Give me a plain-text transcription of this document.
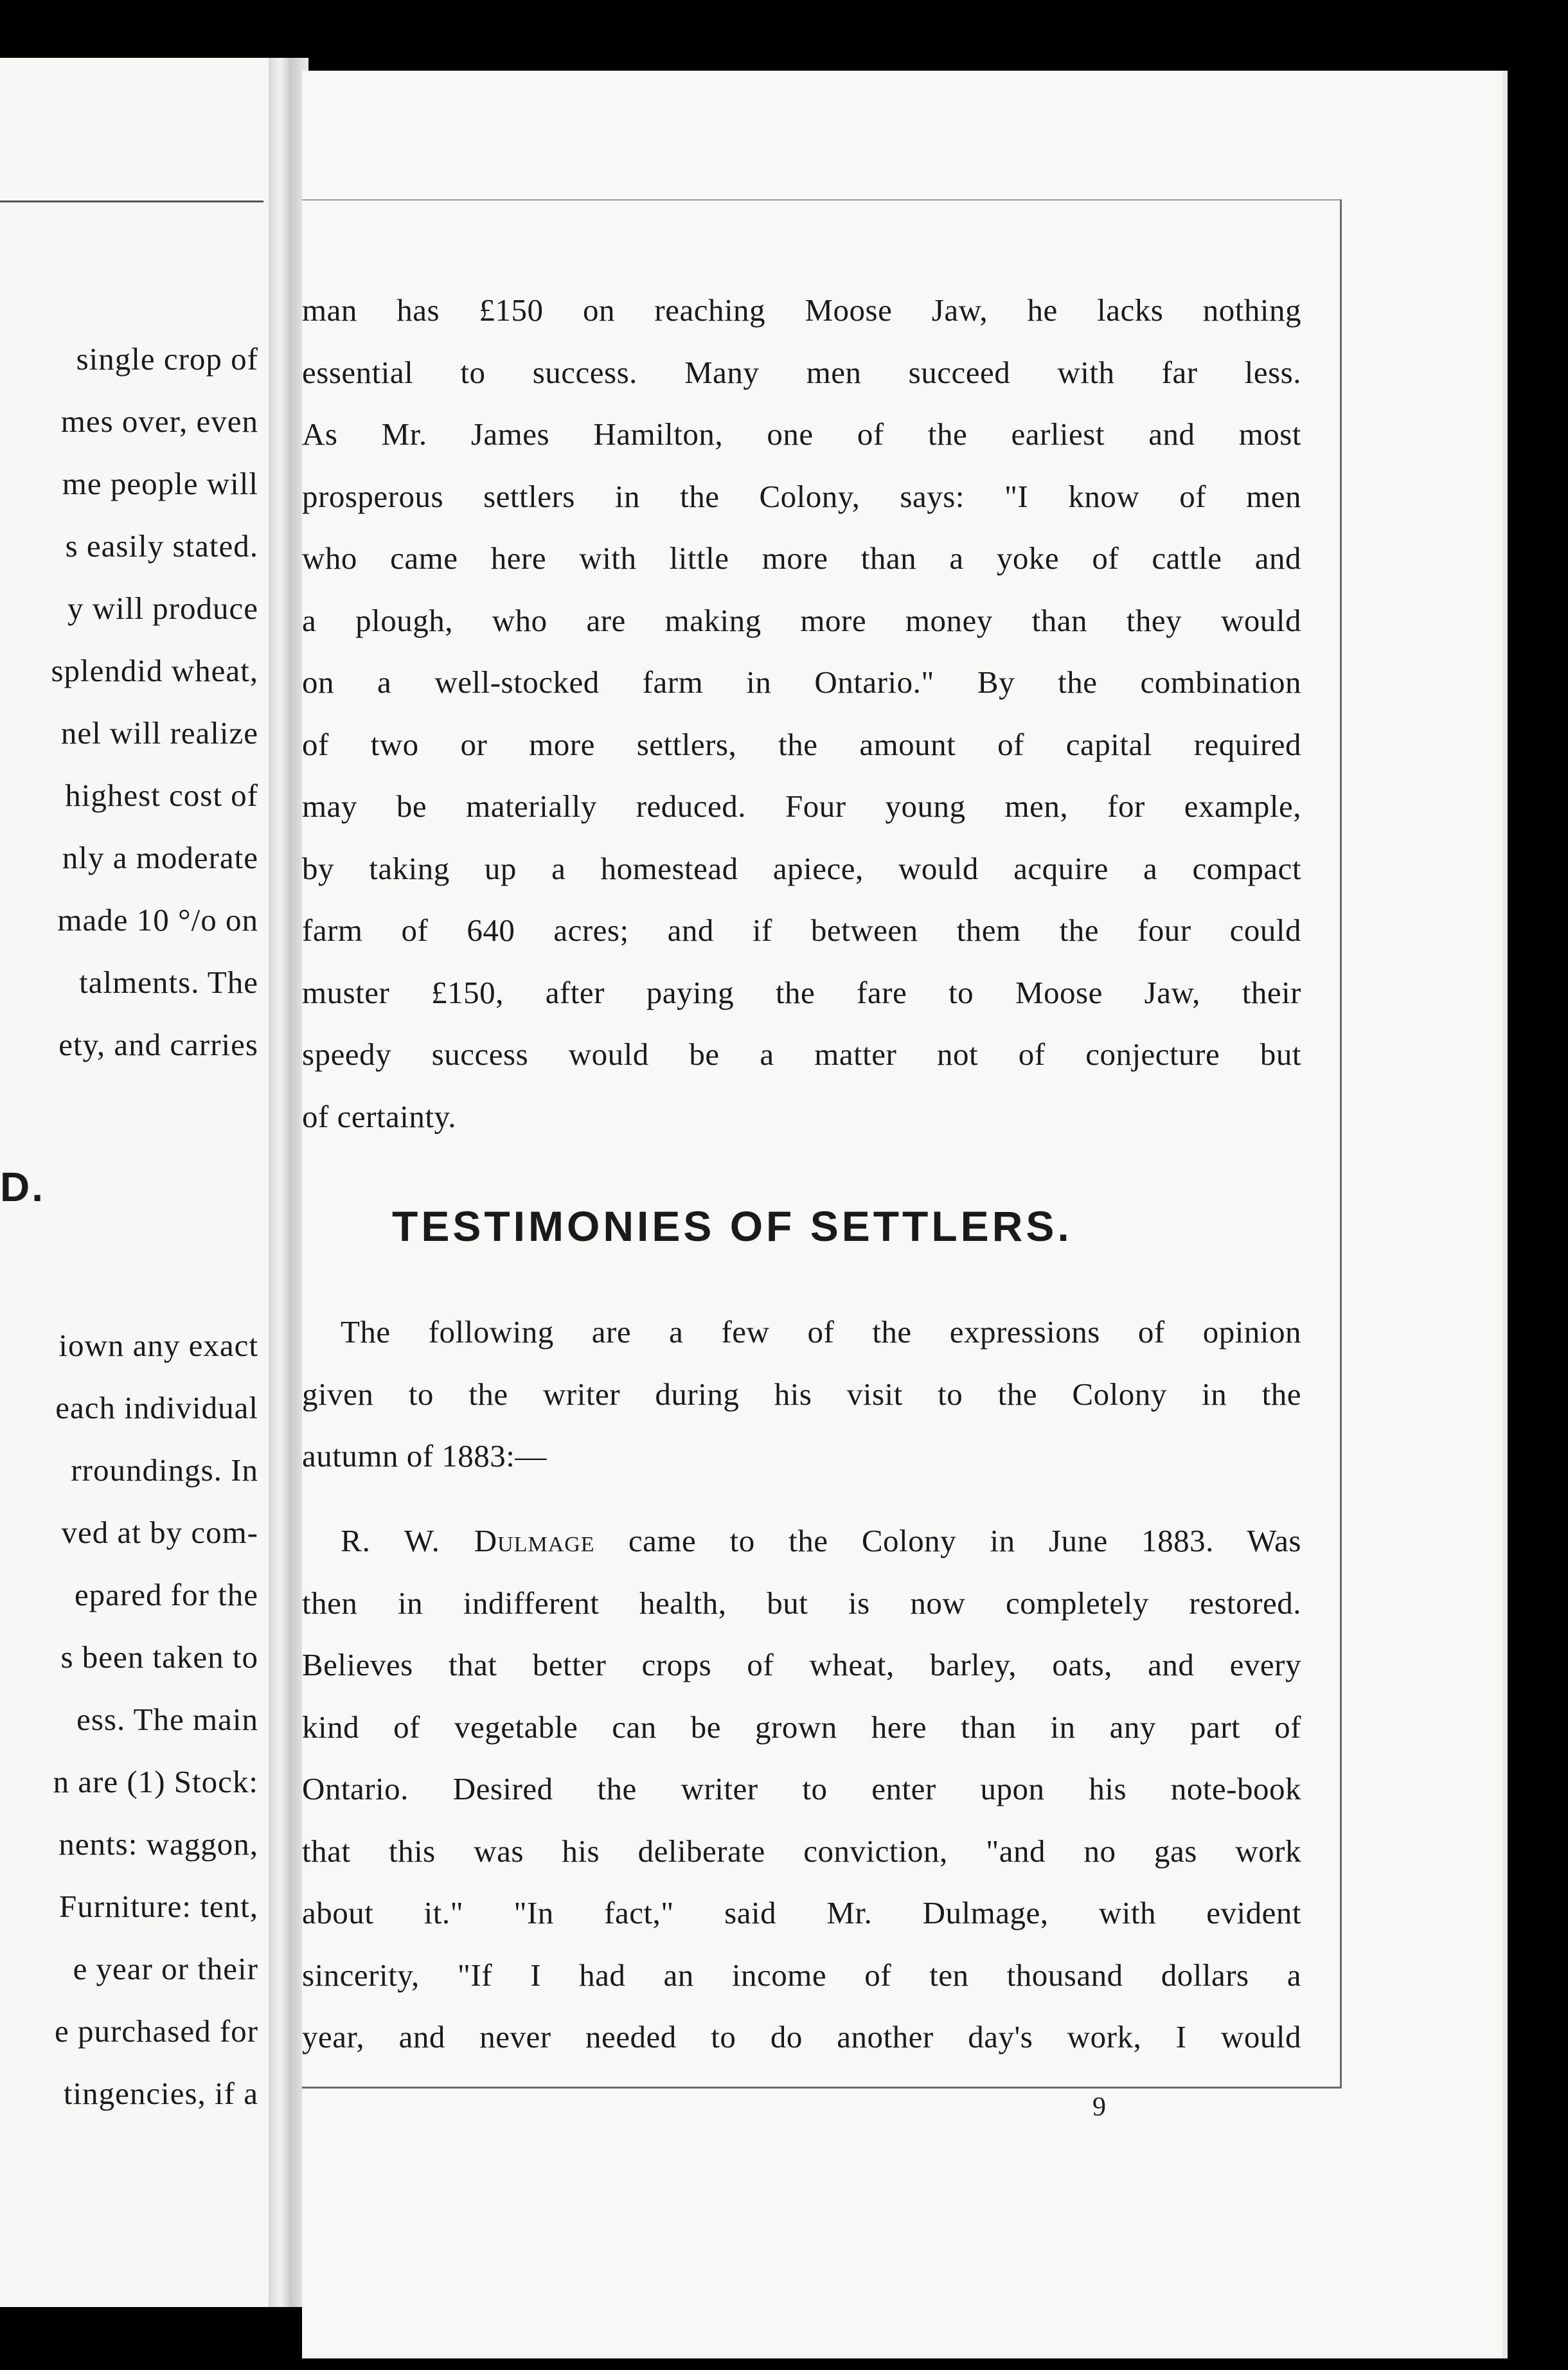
single crop of
mes over, even
me people will
s easily stated.
y will produce
splendid wheat,
nel will realize
highest cost of
nly a moderate
made 10 °/o on
talments. The
ety, and carries
D.
iown any exact
each individual
rroundings. In
ved at by com-
epared for the
s been taken to
ess. The main
n are (1) Stock:
nents: waggon,
Furniture: tent,
e year or their
e purchased for
tingencies, if a
man has £150 on reaching Moose Jaw, he lacks nothing
essential to success. Many men succeed with far less.
As Mr. James Hamilton, one of the earliest and most
prosperous settlers in the Colony, says: "I know of men
who came here with little more than a yoke of cattle and
a plough, who are making more money than they would
on a well-stocked farm in Ontario." By the combination
of two or more settlers, the amount of capital required
may be materially reduced. Four young men, for example,
by taking up a homestead apiece, would acquire a compact
farm of 640 acres; and if between them the four could
muster £150, after paying the fare to Moose Jaw, their
speedy success would be a matter not of conjecture but
of certainty.
TESTIMONIES OF SETTLERS.
The following are a few of the expressions of opinion
given to the writer during his visit to the Colony in the
autumn of 1883:—
R. W. Dulmage came to the Colony in June 1883. Was
then in indifferent health, but is now completely restored.
Believes that better crops of wheat, barley, oats, and every
kind of vegetable can be grown here than in any part of
Ontario. Desired the writer to enter upon his note-book
that this was his deliberate conviction, "and no gas work
about it." "In fact," said Mr. Dulmage, with evident
sincerity, "If I had an income of ten thousand dollars a
year, and never needed to do another day's work, I would
9
